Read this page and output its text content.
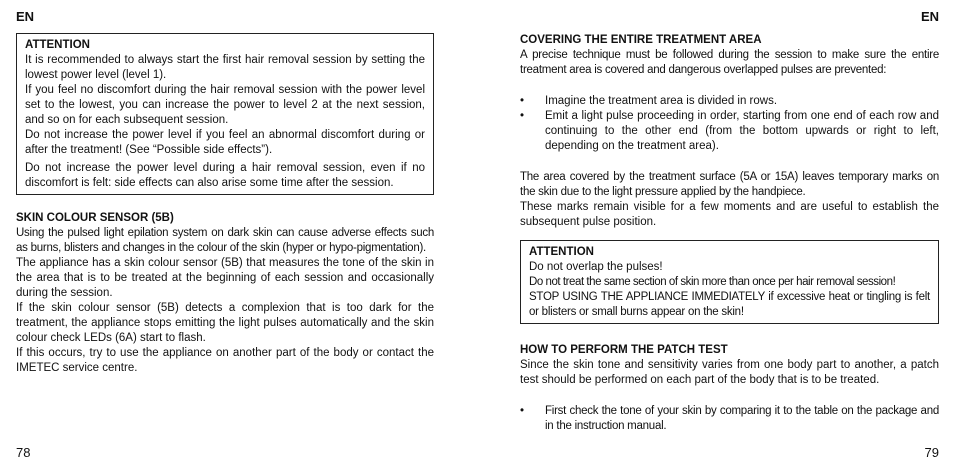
EN
ATTENTION

It is recommended to always start the first hair removal session by setting the lowest power level (level 1).

If you feel no discomfort during the hair removal session with the power level set to the lowest, you can increase the power to level 2 at the next session, and so on for each subsequent session.

Do not increase the power level if you feel an abnormal discomfort during or after the treatment! (See “Possible side effects”).

Do not increase the power level during a hair removal session, even if no discomfort is felt: side effects can also arise some time after the session.

SKIN COLOUR SENSOR (5B)

Using the pulsed light epilation system on dark skin can cause adverse effects such as burns, blisters and changes in the colour of the skin (hyper or hypo-pigmentation).

The appliance has a skin colour sensor (5B) that measures the tone of the skin in the area that is to be treated at the beginning of each session and occasionally during the session.

If the skin colour sensor (5B) detects a complexion that is too dark for the treatment, the appliance stops emitting the light pulses automatically and the skin colour check LEDs (6A) start to flash.

If this occurs, try to use the appliance on another part of the body or contact the IMETEC service centre.

78
EN
COVERING THE ENTIRE TREATMENT AREA

A precise technique must be followed during the session to make sure the entire treatment area is covered and dangerous overlapped pulses are prevented:

• Imagine the treatment area is divided in rows.
• Emit a light pulse proceeding in order, starting from one end of each row and continuing to the other end (from the bottom upwards or right to left, depending on the treatment area).

The area covered by the treatment surface (5A or 15A) leaves temporary marks on the skin due to the light pressure applied by the handpiece.

These marks remain visible for a few moments and are useful to establish the subsequent pulse position.

ATTENTION

Do not overlap the pulses!

Do not treat the same section of skin more than once per hair removal session!

STOP USING THE APPLIANCE IMMEDIATELY if excessive heat or tingling is felt or blisters or small burns appear on the skin!

HOW TO PERFORM THE PATCH TEST

Since the skin tone and sensitivity varies from one body part to another, a patch test should be performed on each part of the body that is to be treated.

• First check the tone of your skin by comparing it to the table on the package and in the instruction manual.
79
